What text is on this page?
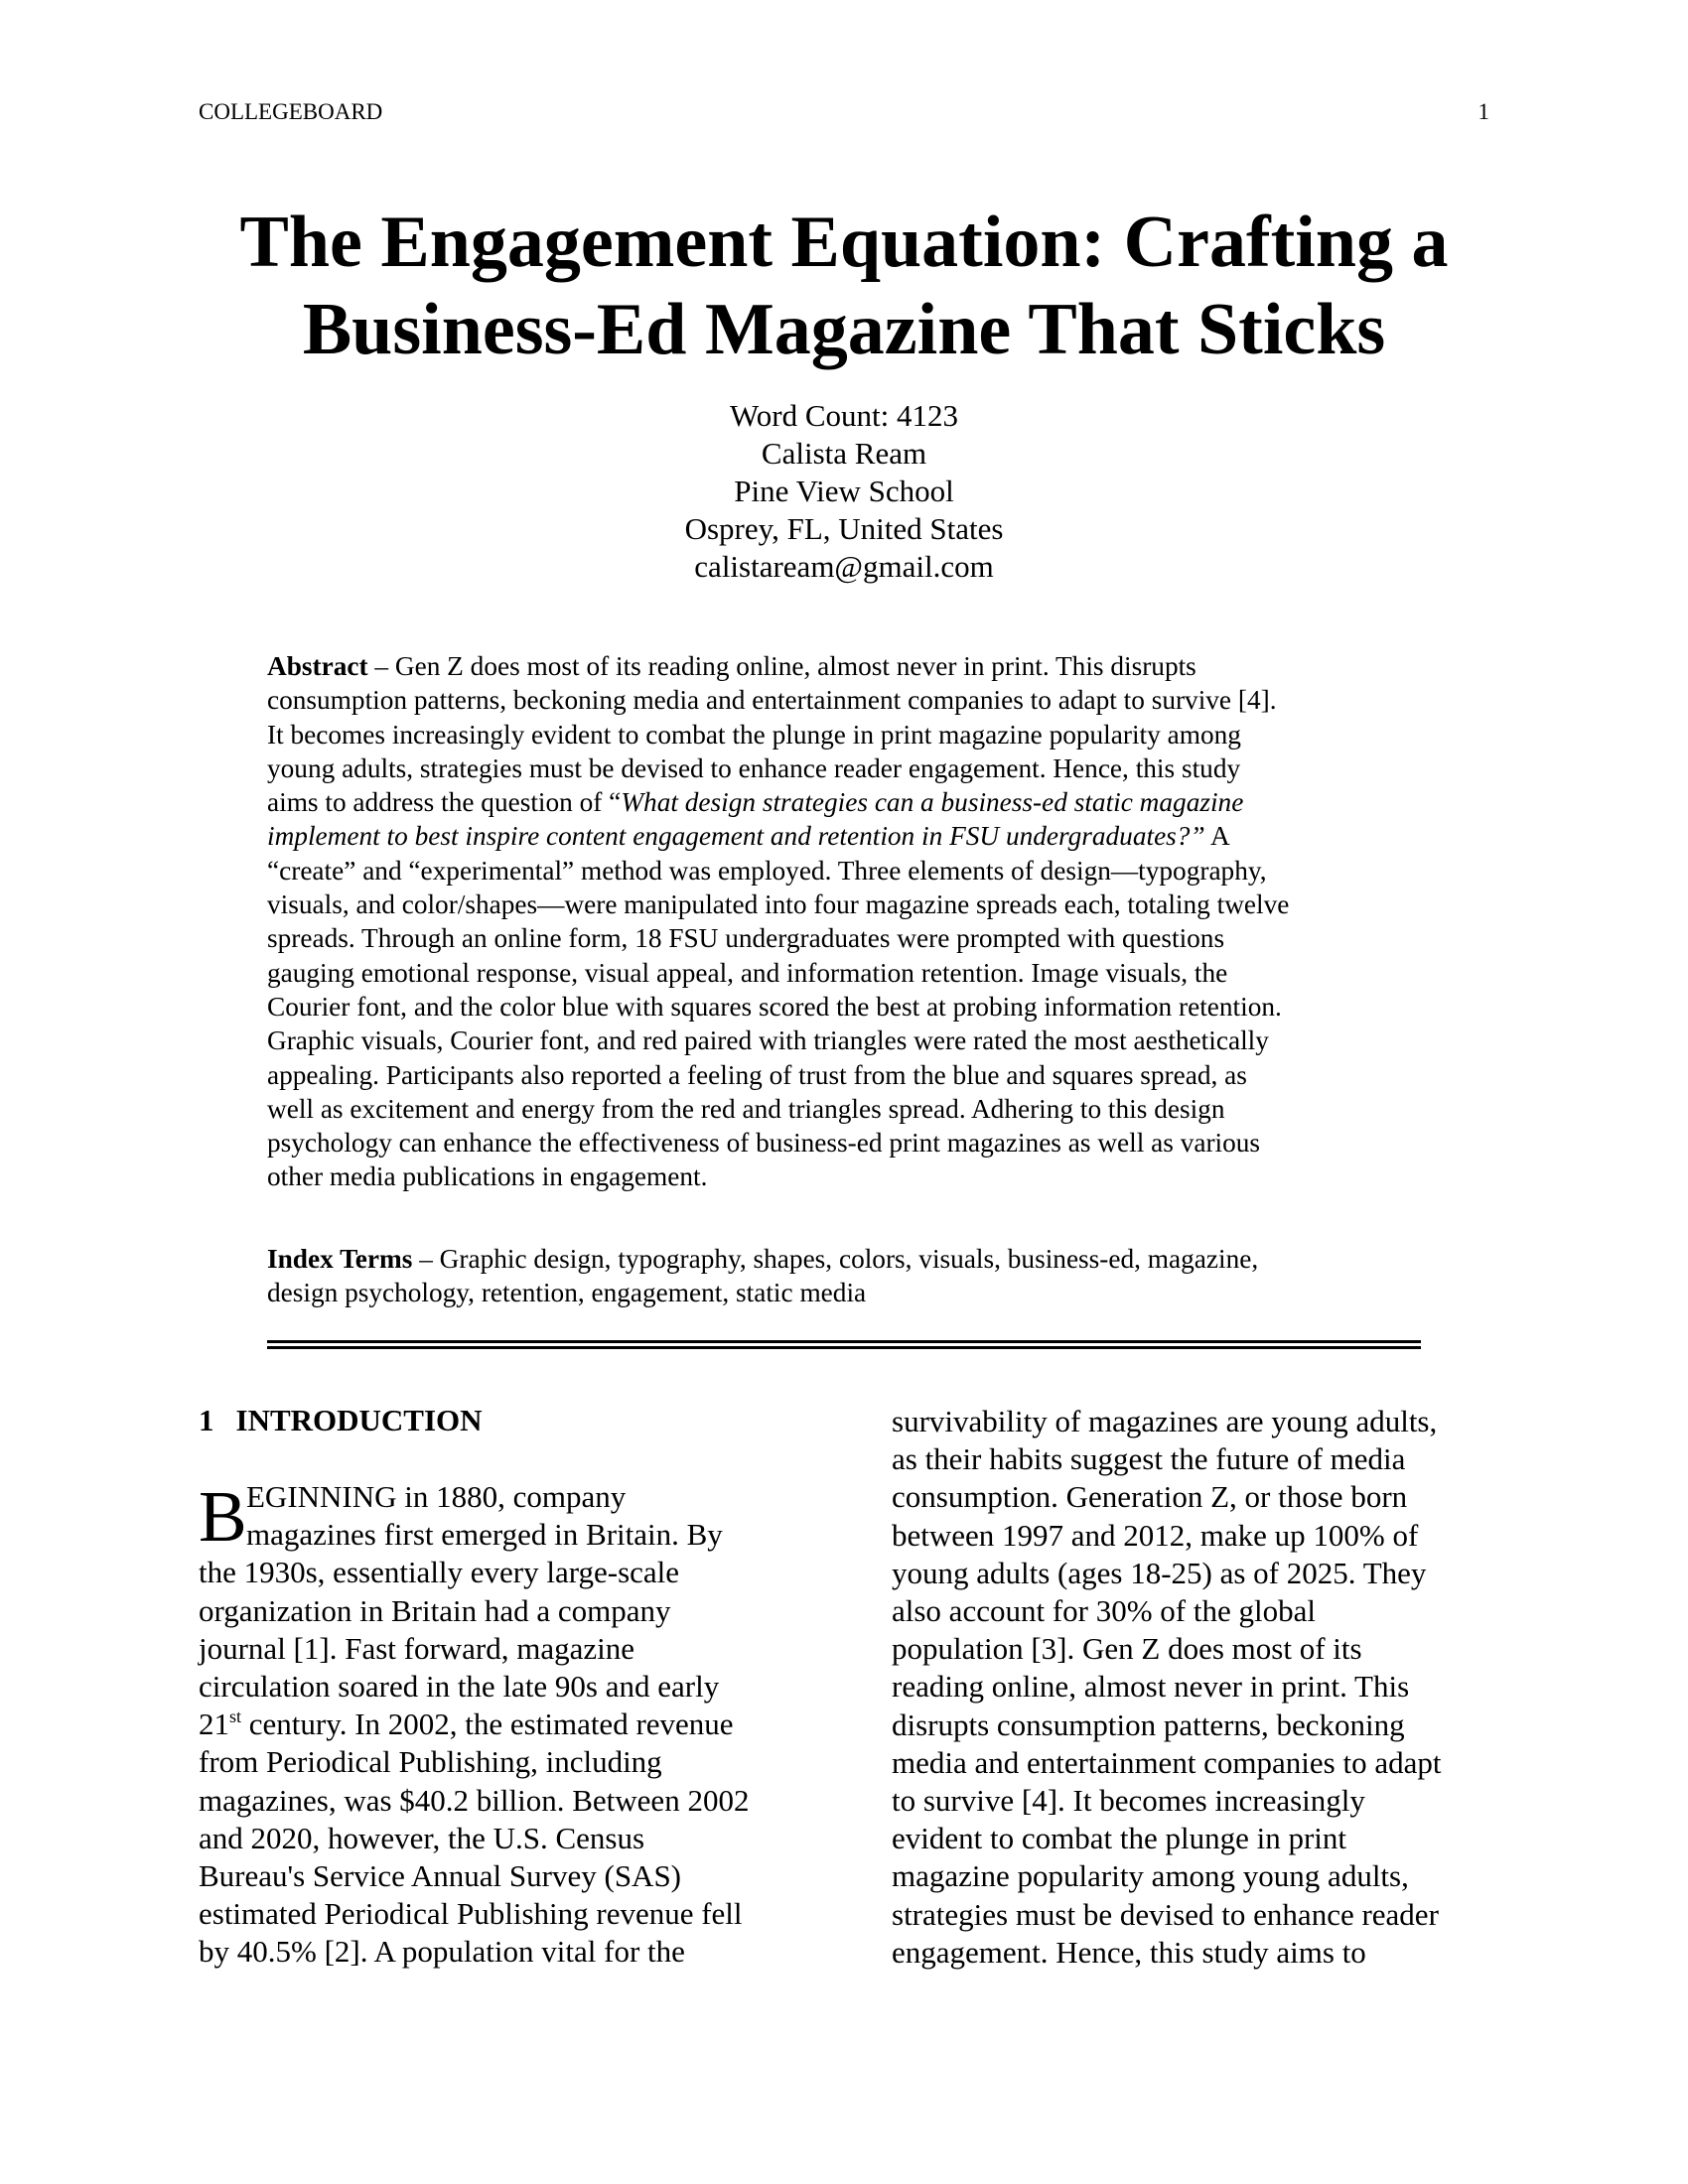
COLLEGEBOARD	1
The Engagement Equation: Crafting a
Business-Ed Magazine That Sticks
Word Count: 4123
Calista Ream
Pine View School
Osprey, FL, United States
calistaream@gmail.com

Abstract – Gen Z does most of its reading online, almost never in print. This disrupts
consumption patterns, beckoning media and entertainment companies to adapt to survive [4].
It becomes increasingly evident to combat the plunge in print magazine popularity among
young adults, strategies must be devised to enhance reader engagement. Hence, this study
aims to address the question of “What design strategies can a business-ed static magazine
implement to best inspire content engagement and retention in FSU undergraduates?” A
“create” and “experimental” method was employed. Three elements of design—typography,
visuals, and color/shapes—were manipulated into four magazine spreads each, totaling twelve
spreads. Through an online form, 18 FSU undergraduates were prompted with questions
gauging emotional response, visual appeal, and information retention. Image visuals, the
Courier font, and the color blue with squares scored the best at probing information retention.
Graphic visuals, Courier font, and red paired with triangles were rated the most aesthetically
appealing. Participants also reported a feeling of trust from the blue and squares spread, as
well as excitement and energy from the red and triangles spread. Adhering to this design
psychology can enhance the effectiveness of business-ed print magazines as well as various
other media publications in engagement.

Index Terms – Graphic design, typography, shapes, colors, visuals, business-ed, magazine,
design psychology, retention, engagement, static media

1 INTRODUCTION
B EGINNING in 1880, company
magazines first emerged in Britain. By
the 1930s, essentially every large-scale
organization in Britain had a company
journal [1]. Fast forward, magazine
circulation soared in the late 90s and early
21st century. In 2002, the estimated revenue
from Periodical Publishing, including
magazines, was $40.2 billion. Between 2002
and 2020, however, the U.S. Census
Bureau's Service Annual Survey (SAS)
estimated Periodical Publishing revenue fell
by 40.5% [2]. A population vital for the
survivability of magazines are young adults,
as their habits suggest the future of media
consumption. Generation Z, or those born
between 1997 and 2012, make up 100% of
young adults (ages 18-25) as of 2025. They
also account for 30% of the global
population [3]. Gen Z does most of its
reading online, almost never in print. This
disrupts consumption patterns, beckoning
media and entertainment companies to adapt
to survive [4]. It becomes increasingly
evident to combat the plunge in print
magazine popularity among young adults,
strategies must be devised to enhance reader
engagement. Hence, this study aims to
